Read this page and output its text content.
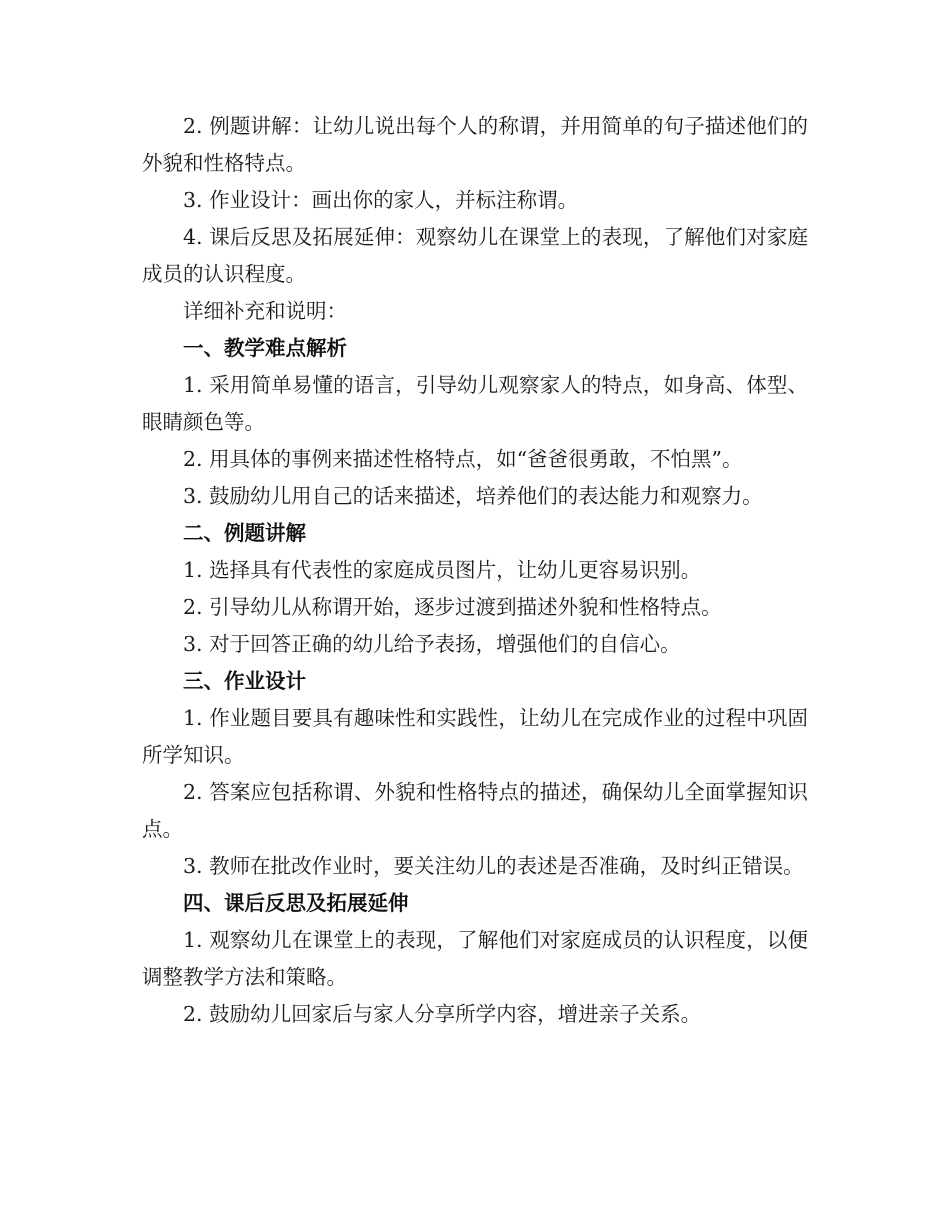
2. 例题讲解：让幼儿说出每个人的称谓，并用简单的句子描述他们的外貌和性格特点。

3. 作业设计：画出你的家人，并标注称谓。

4. 课后反思及拓展延伸：观察幼儿在课堂上的表现，了解他们对家庭成员的认识程度。

详细补充和说明：

一、教学难点解析

1. 采用简单易懂的语言，引导幼儿观察家人的特点，如身高、体型、眼睛颜色等。

2. 用具体的事例来描述性格特点，如“爸爸很勇敢，不怕黑”。

3. 鼓励幼儿用自己的话来描述，培养他们的表达能力和观察力。

二、例题讲解

1. 选择具有代表性的家庭成员图片，让幼儿更容易识别。

2. 引导幼儿从称谓开始，逐步过渡到描述外貌和性格特点。

3. 对于回答正确的幼儿给予表扬，增强他们的自信心。

三、作业设计

1. 作业题目要具有趣味性和实践性，让幼儿在完成作业的过程中巩固所学知识。

2. 答案应包括称谓、外貌和性格特点的描述，确保幼儿全面掌握知识点。

3. 教师在批改作业时，要关注幼儿的表述是否准确，及时纠正错误。

四、课后反思及拓展延伸

1. 观察幼儿在课堂上的表现，了解他们对家庭成员的认识程度，以便调整教学方法和策略。

2. 鼓励幼儿回家后与家人分享所学内容，增进亲子关系。
